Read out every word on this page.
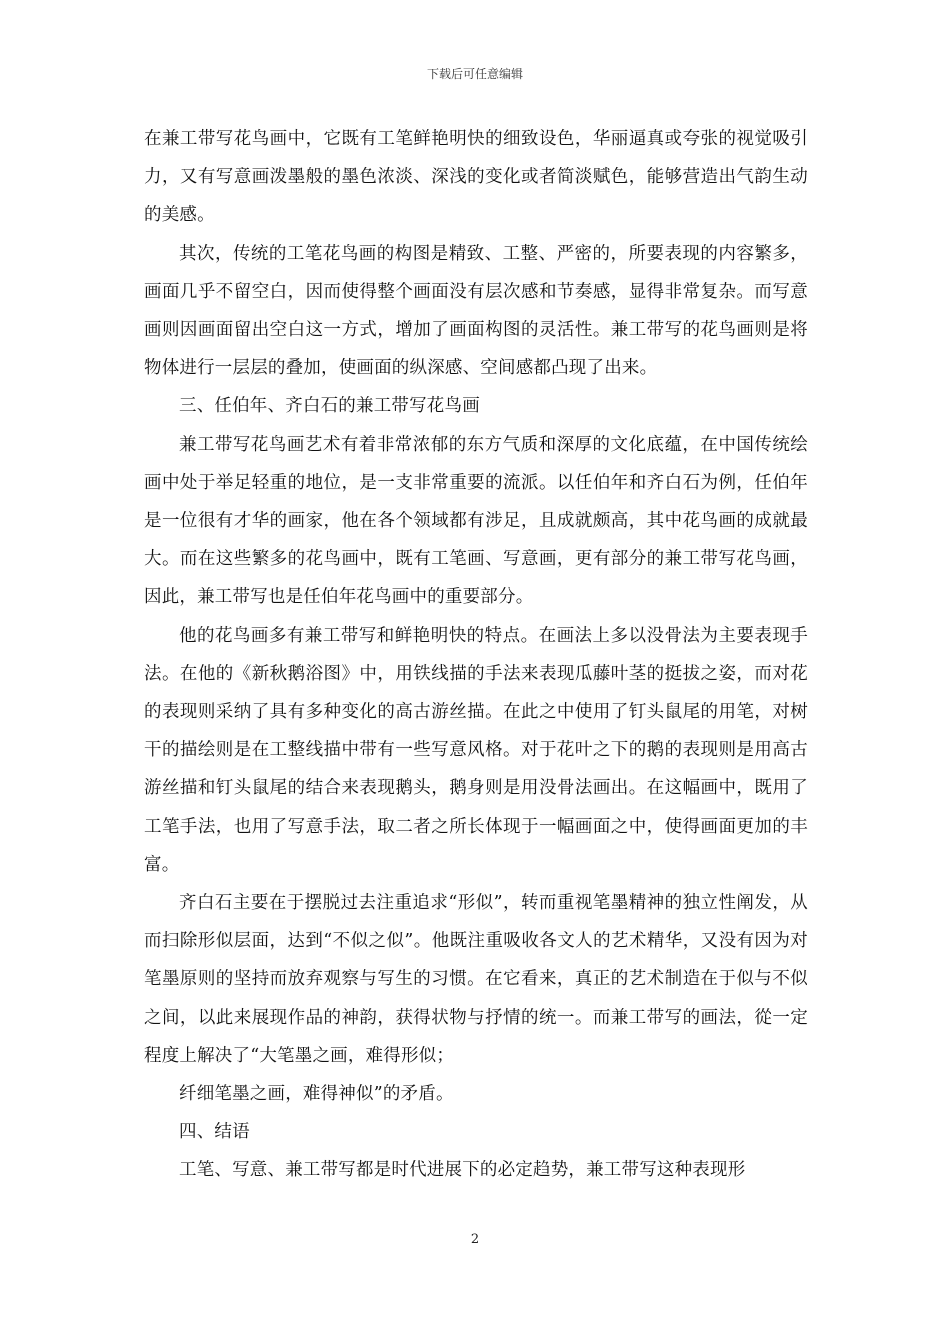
下载后可任意编辑

在兼工带写花鸟画中，它既有工笔鲜艳明快的细致设色，华丽逼真或夸张的视觉吸引力，又有写意画泼墨般的墨色浓淡、深浅的变化或者简淡赋色，能够营造出气韵生动的美感。

其次，传统的工笔花鸟画的构图是精致、工整、严密的，所要表现的内容繁多，画面几乎不留空白，因而使得整个画面没有层次感和节奏感，显得非常复杂。而写意画则因画面留出空白这一方式，增加了画面构图的灵活性。兼工带写的花鸟画则是将物体进行一层层的叠加，使画面的纵深感、空间感都凸现了出来。

三、任伯年、齐白石的兼工带写花鸟画

兼工带写花鸟画艺术有着非常浓郁的东方气质和深厚的文化底蕴，在中国传统绘画中处于举足轻重的地位，是一支非常重要的流派。以任伯年和齐白石为例，任伯年是一位很有才华的画家，他在各个领域都有涉足，且成就颇高，其中花鸟画的成就最大。而在这些繁多的花鸟画中，既有工笔画、写意画，更有部分的兼工带写花鸟画，因此，兼工带写也是任伯年花鸟画中的重要部分。

他的花鸟画多有兼工带写和鲜艳明快的特点。在画法上多以没骨法为主要表现手法。在他的《新秋鹅浴图》中，用铁线描的手法来表现瓜藤叶茎的挺拔之姿，而对花的表现则采纳了具有多种变化的高古游丝描。在此之中使用了钉头鼠尾的用笔，对树干的描绘则是在工整线描中带有一些写意风格。对于花叶之下的鹅的表现则是用高古游丝描和钉头鼠尾的结合来表现鹅头，鹅身则是用没骨法画出。在这幅画中，既用了工笔手法，也用了写意手法，取二者之所长体现于一幅画面之中，使得画面更加的丰富。

齐白石主要在于摆脱过去注重追求“形似”，转而重视笔墨精神的独立性阐发，从而扫除形似层面，达到“不似之似”。他既注重吸收各文人的艺术精华，又没有因为对笔墨原则的坚持而放弃观察与写生的习惯。在它看来，真正的艺术制造在于似与不似之间，以此来展现作品的神韵，获得状物与抒情的统一。而兼工带写的画法，從一定程度上解决了“大笔墨之画，难得形似；

纤细笔墨之画，难得神似”的矛盾。

四、结语

工笔、写意、兼工带写都是时代进展下的必定趋势，兼工带写这种表现形

2
